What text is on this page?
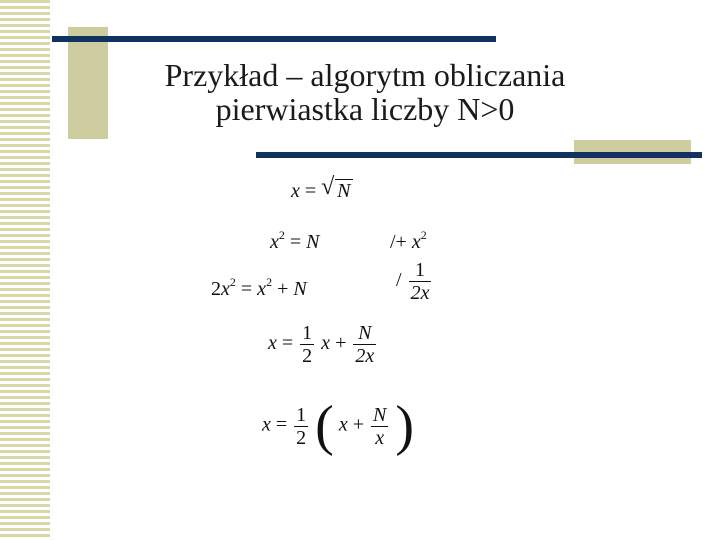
Przykład – algorytm obliczania
pierwiastka liczby N>0
x = √ N
$x^2 = N$	/+ $x^2$
$2x^2 = x^2 + N$	/ $\frac{1}{2x}$
$x = \frac{1}{2}$ $x + \frac{N}{2x}$
$x = \frac{1}{2}$ ( $x + \frac{N}{x}$ )
